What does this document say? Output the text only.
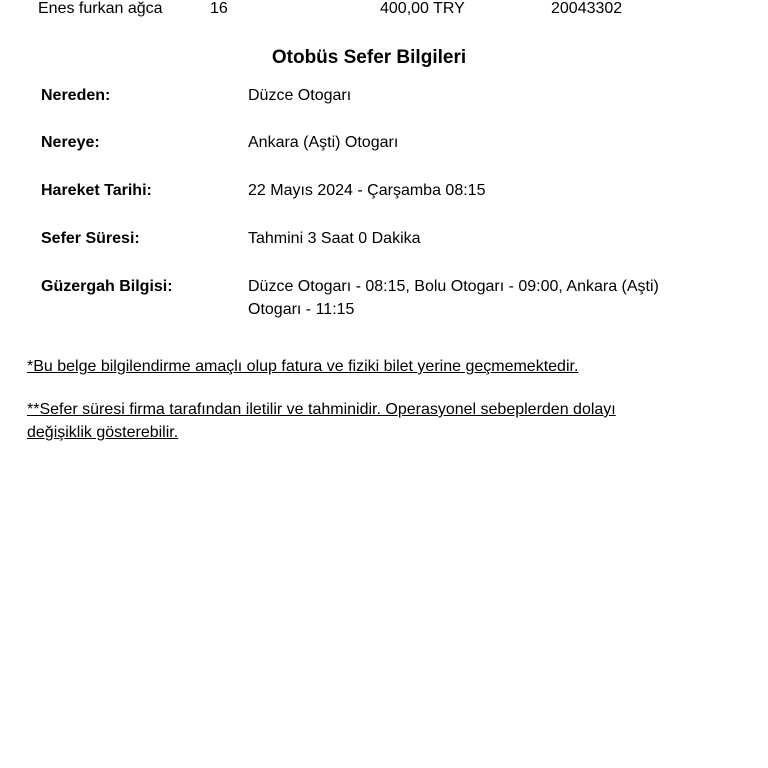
Enes furkan ağca	16	400,00 TRY	20043302
Otobüs Sefer Bilgileri
Nereden:	Düzce Otogarı
Nereye:	Ankara (Aşti) Otogarı
Hareket Tarihi:	22 Mayıs 2024 - Çarşamba 08:15
Sefer Süresi:	Tahmini 3 Saat 0 Dakika
Güzergah Bilgisi:	Düzce Otogarı - 08:15, Bolu Otogarı - 09:00, Ankara (Aşti)
Otogarı - 11:15
*Bu belge bilgilendirme amaçlı olup fatura ve fiziki bilet yerine geçmemektedir.
**Sefer süresi firma tarafından iletilir ve tahminidir. Operasyonel sebeplerden dolayı
değişiklik gösterebilir.
